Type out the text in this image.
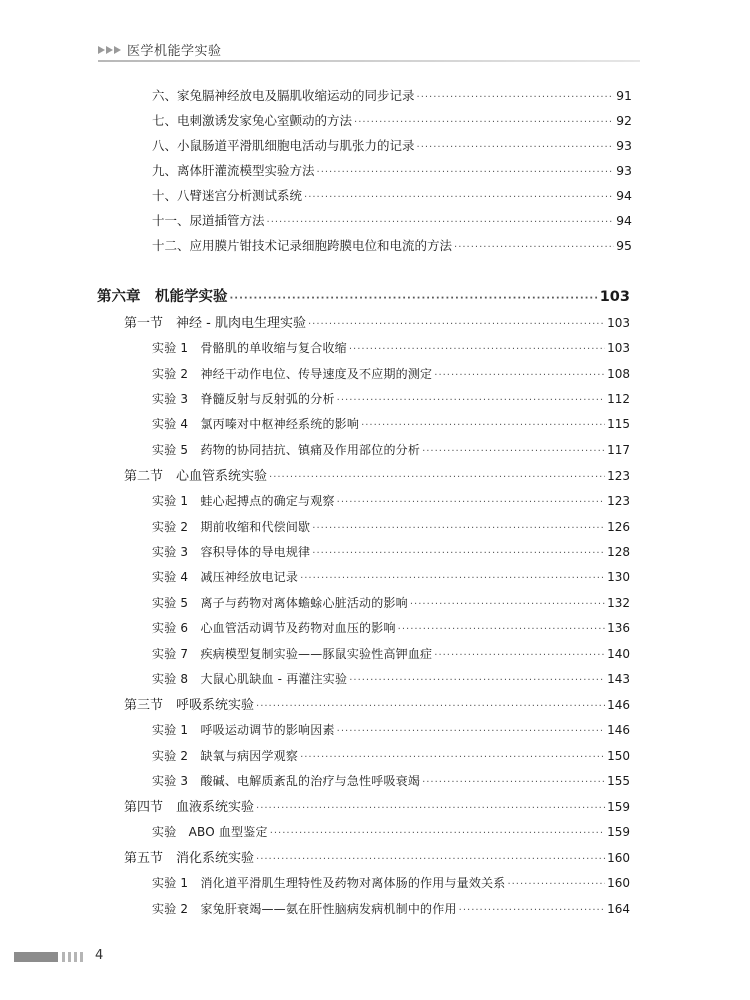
医学机能学实验
六、家兔膈神经放电及膈肌收缩运动的同步记录 ·····	91
七、电刺激诱发家兔心室颤动的方法 ·····	92
八、小鼠肠道平滑肌细胞电活动与肌张力的记录 ·····	93
九、离体肝灌流模型实验方法 ·····	93
十、八臂迷宫分析测试系统 ·····	94
十一、尿道插管方法 ·····	94
十二、应用膜片钳技术记录细胞跨膜电位和电流的方法 ·····	95
第六章　机能学实验 ·····	103
第一节　神经 - 肌肉电生理实验 ·····	103
实验 1　骨骼肌的单收缩与复合收缩 ·····	103
实验 2　神经干动作电位、传导速度及不应期的测定 ·····	108
实验 3　脊髓反射与反射弧的分析 ·····	112
实验 4　氯丙嗪对中枢神经系统的影响 ·····	115
实验 5　药物的协同拮抗、镇痛及作用部位的分析 ·····	117
第二节　心血管系统实验 ·····	123
实验 1　蛙心起搏点的确定与观察 ·····	123
实验 2　期前收缩和代偿间歇 ·····	126
实验 3　容积导体的导电规律 ·····	128
实验 4　减压神经放电记录 ·····	130
实验 5　离子与药物对离体蟾蜍心脏活动的影响 ·····	132
实验 6　心血管活动调节及药物对血压的影响 ·····	136
实验 7　疾病模型复制实验——豚鼠实验性高钾血症 ·····	140
实验 8　大鼠心肌缺血 - 再灌注实验 ·····	143
第三节　呼吸系统实验 ·····	146
实验 1　呼吸运动调节的影响因素 ·····	146
实验 2　缺氧与病因学观察 ·····	150
实验 3　酸碱、电解质紊乱的治疗与急性呼吸衰竭 ·····	155
第四节　血液系统实验 ·····	159
实验　ABO 血型鉴定 ·····	159
第五节　消化系统实验 ·····	160
实验 1　消化道平滑肌生理特性及药物对离体肠的作用与量效关系 ·····	160
实验 2　家兔肝衰竭——氨在肝性脑病发病机制中的作用 ·····	164
4
